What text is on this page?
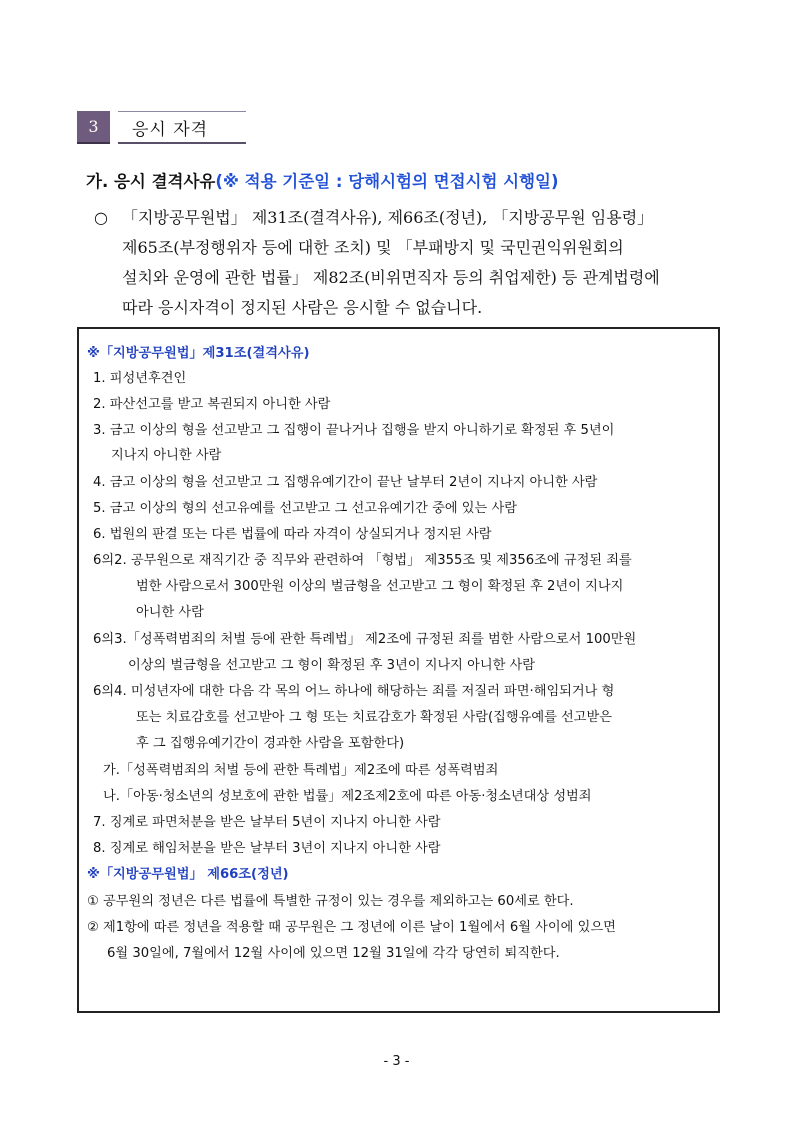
3	응시 자격
가. 응시 결격사유(※ 적용 기준일 : 당해시험의 면접시험 시행일)
○ 「지방공무원법」 제31조(결격사유), 제66조(정년), 「지방공무원 임용령」
제65조(부정행위자 등에 대한 조치) 및 「부패방지 및 국민권익위원회의
설치와 운영에 관한 법률」 제82조(비위면직자 등의 취업제한) 등 관계법령에
따라 응시자격이 정지된 사람은 응시할 수 없습니다.
※「지방공무원법」제31조(결격사유)
1. 피성년후견인
2. 파산선고를 받고 복권되지 아니한 사람
3. 금고 이상의 형을 선고받고 그 집행이 끝나거나 집행을 받지 아니하기로 확정된 후 5년이
지나지 아니한 사람
4. 금고 이상의 형을 선고받고 그 집행유예기간이 끝난 날부터 2년이 지나지 아니한 사람
5. 금고 이상의 형의 선고유예를 선고받고 그 선고유예기간 중에 있는 사람
6. 법원의 판결 또는 다른 법률에 따라 자격이 상실되거나 정지된 사람
6의2. 공무원으로 재직기간 중 직무와 관련하여 「형법」 제355조 및 제356조에 규정된 죄를
범한 사람으로서 300만원 이상의 벌금형을 선고받고 그 형이 확정된 후 2년이 지나지
아니한 사람
6의3.「성폭력범죄의 처벌 등에 관한 특례법」 제2조에 규정된 죄를 범한 사람으로서 100만원
이상의 벌금형을 선고받고 그 형이 확정된 후 3년이 지나지 아니한 사람
6의4. 미성년자에 대한 다음 각 목의 어느 하나에 해당하는 죄를 저질러 파면·해임되거나 형
또는 치료감호를 선고받아 그 형 또는 치료감호가 확정된 사람(집행유예를 선고받은
후 그 집행유예기간이 경과한 사람을 포함한다)
가.「성폭력범죄의 처벌 등에 관한 특례법」제2조에 따른 성폭력범죄
나.「아동·청소년의 성보호에 관한 법률」제2조제2호에 따른 아동·청소년대상 성범죄
7. 징계로 파면처분을 받은 날부터 5년이 지나지 아니한 사람
8. 징계로 해임처분을 받은 날부터 3년이 지나지 아니한 사람
※「지방공무원법」 제66조(정년)
① 공무원의 정년은 다른 법률에 특별한 규정이 있는 경우를 제외하고는 60세로 한다.
② 제1항에 따른 정년을 적용할 때 공무원은 그 정년에 이른 날이 1월에서 6월 사이에 있으면
6월 30일에, 7월에서 12월 사이에 있으면 12월 31일에 각각 당연히 퇴직한다.
- 3 -
